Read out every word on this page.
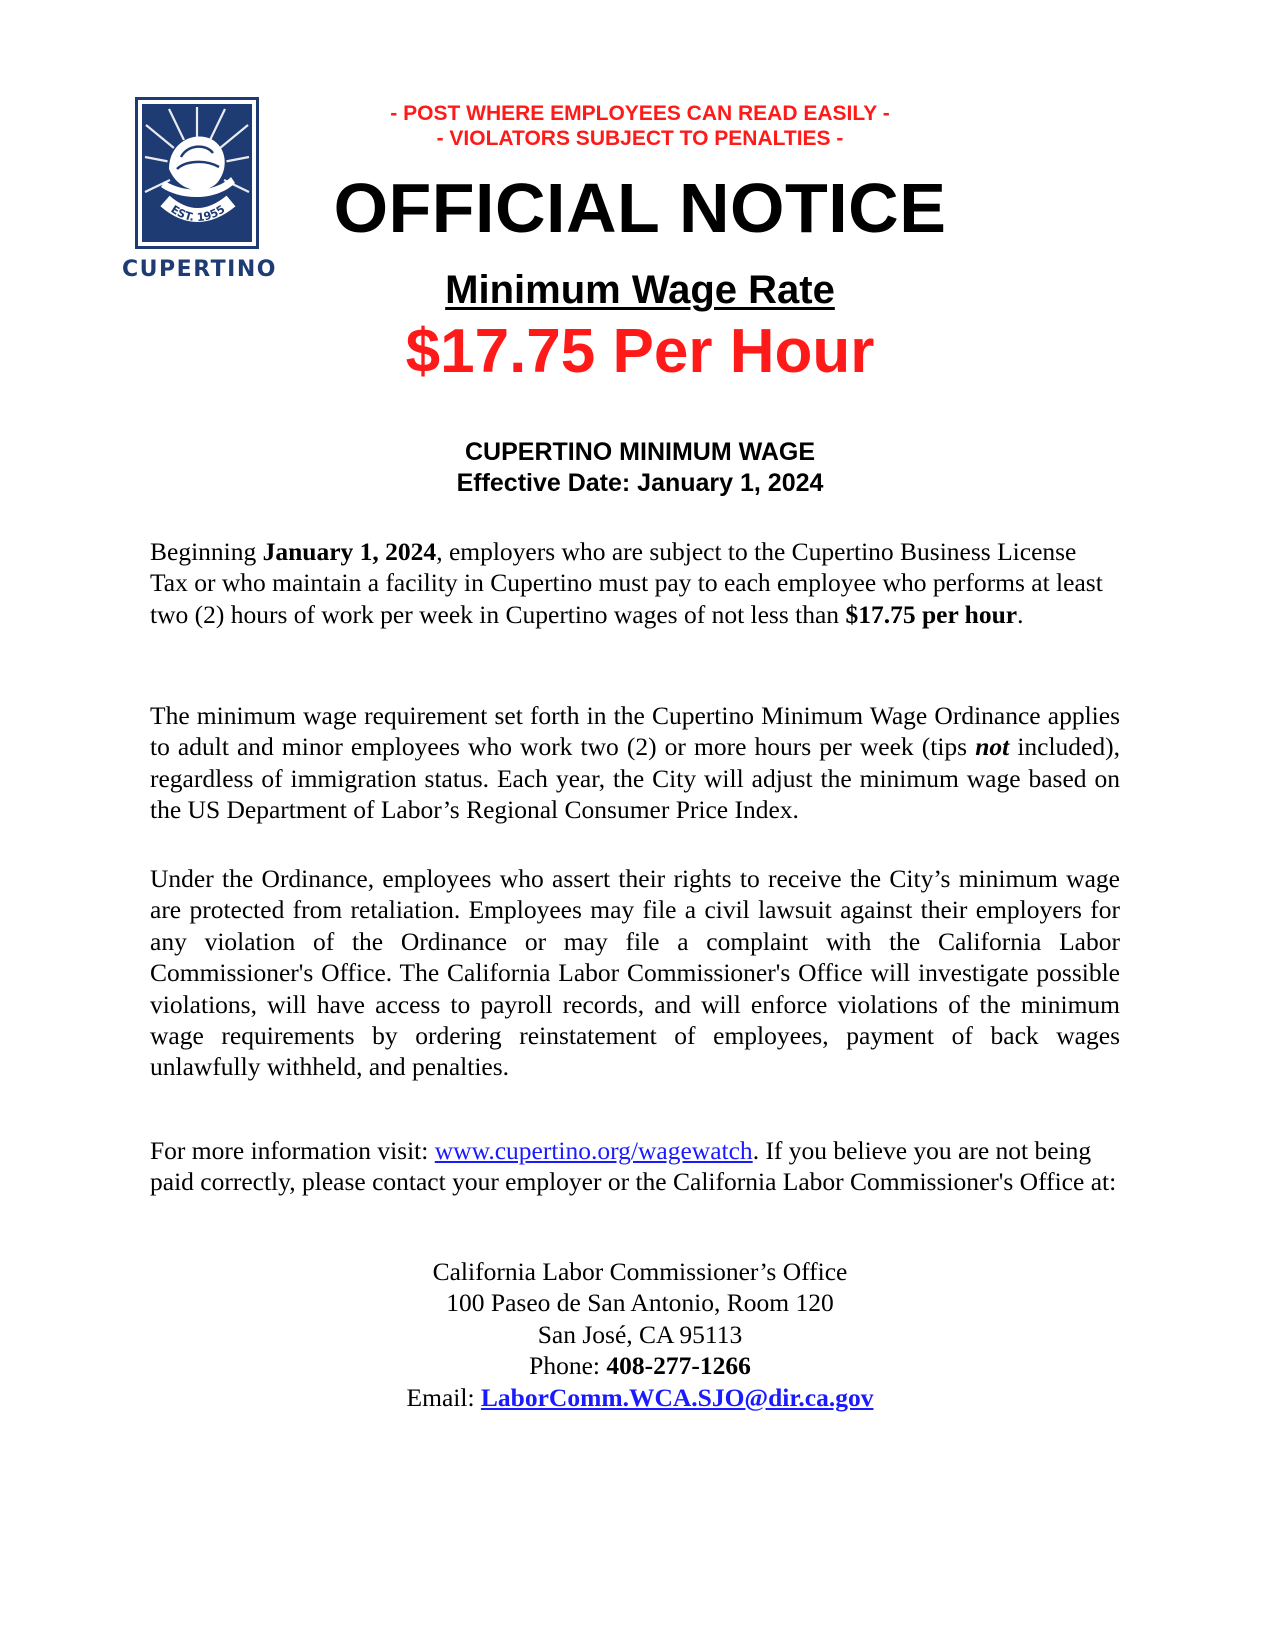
EST. 1955
CUPERTINO
- POST WHERE EMPLOYEES CAN READ EASILY -
- VIOLATORS SUBJECT TO PENALTIES -
OFFICIAL NOTICE
Minimum Wage Rate
$17.75 Per Hour
CUPERTINO MINIMUM WAGE
Effective Date: January 1, 2024

Beginning January 1, 2024, employers who are subject to the Cupertino Business License Tax or who maintain a facility in Cupertino must pay to each employee who performs at least two (2) hours of work per week in Cupertino wages of not less than $17.75 per hour.

The minimum wage requirement set forth in the Cupertino Minimum Wage Ordinance applies to adult and minor employees who work two (2) or more hours per week (tips not included), regardless of immigration status. Each year, the City will adjust the minimum wage based on the US Department of Labor’s Regional Consumer Price Index.

Under the Ordinance, employees who assert their rights to receive the City’s minimum wage are protected from retaliation. Employees may file a civil lawsuit against their employers for any violation of the Ordinance or may file a complaint with the California Labor Commissioner's Office. The California Labor Commissioner's Office will investigate possible violations, will have access to payroll records, and will enforce violations of the minimum wage requirements by ordering reinstatement of employees, payment of back wages unlawfully withheld, and penalties.

For more information visit: www.cupertino.org/wagewatch. If you believe you are not being paid correctly, please contact your employer or the California Labor Commissioner's Office at:

California Labor Commissioner’s Office
100 Paseo de San Antonio, Room 120
San José, CA 95113
Phone: 408-277-1266
Email: LaborComm.WCA.SJO@dir.ca.gov
